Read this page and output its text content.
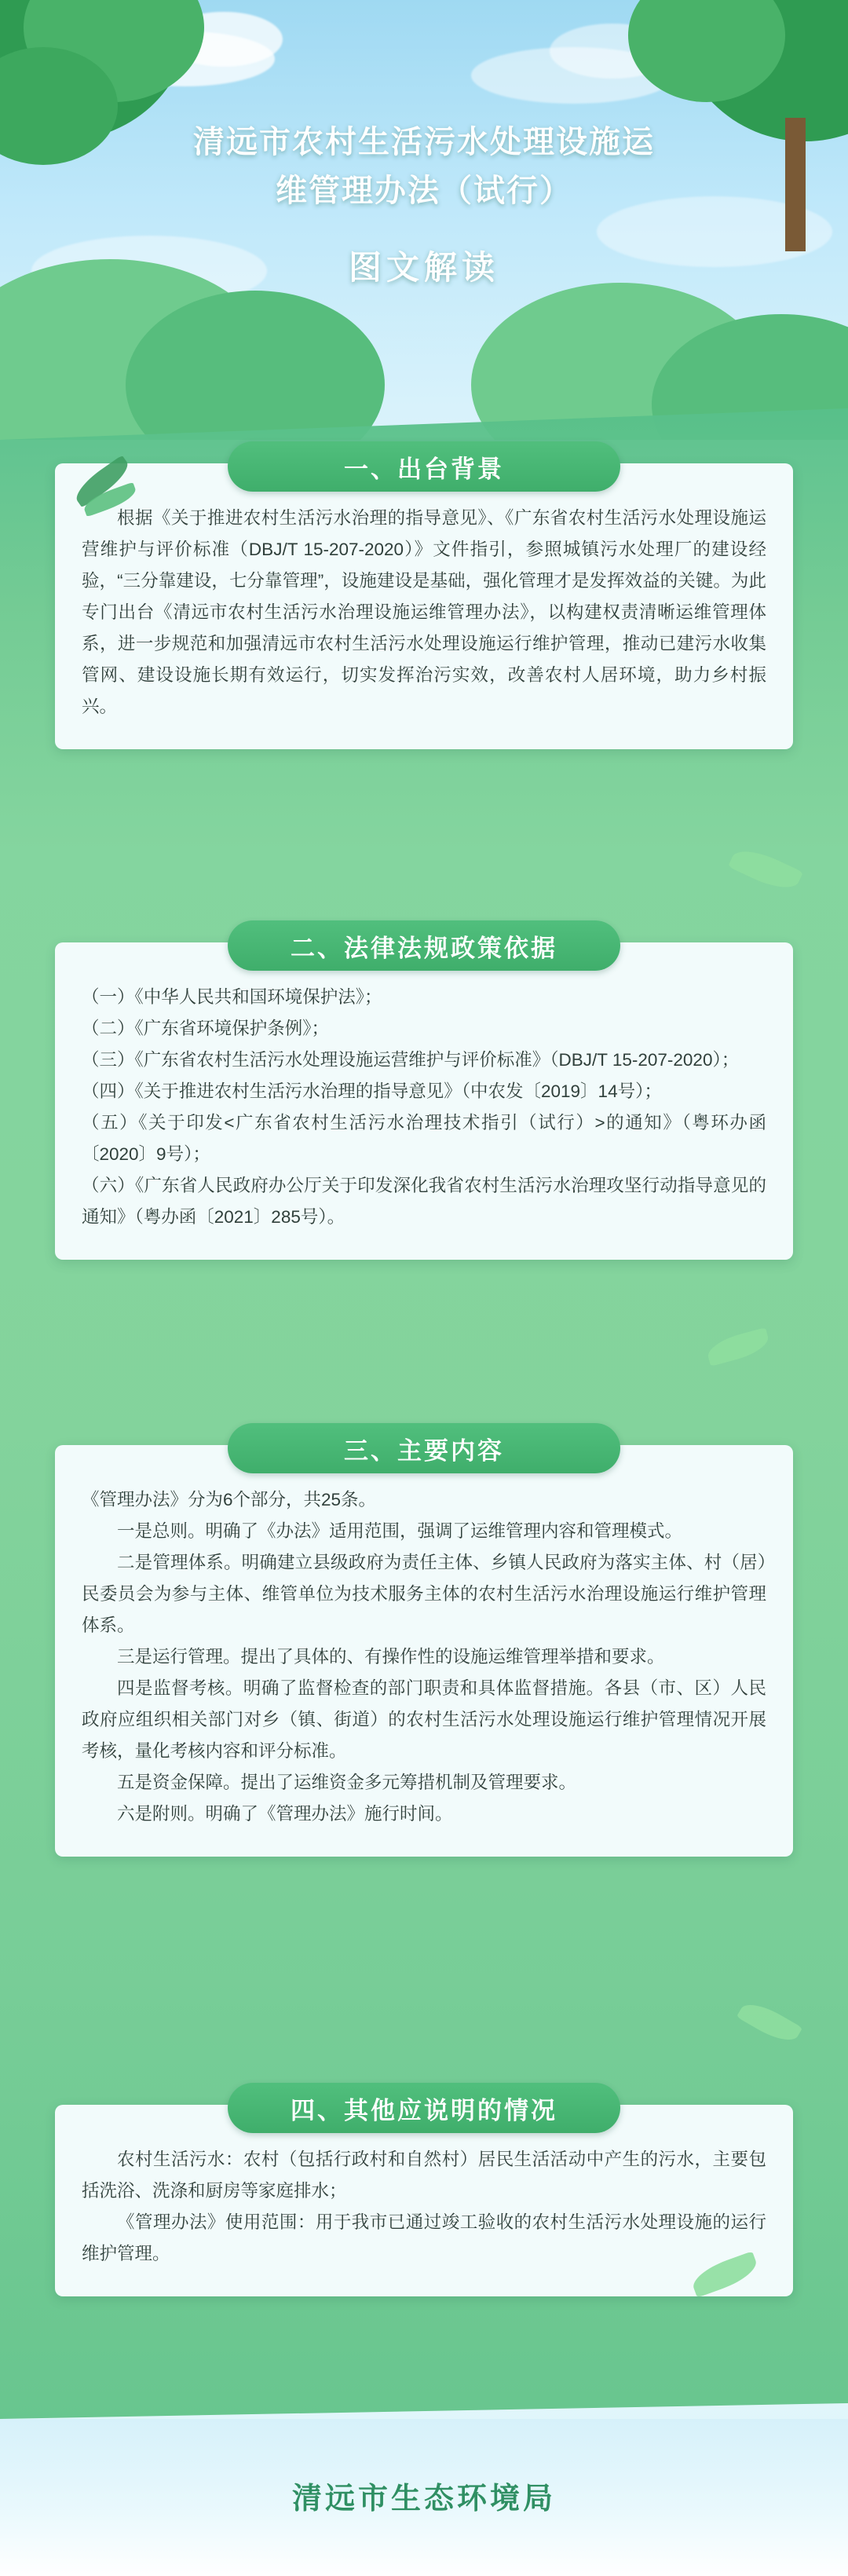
清远市农村生活污水处理设施运
维管理办法（试行）
图文解读
一、出台背景

根据《关于推进农村生活污水治理的指导意见》、《广东省农村生活污水处理设施运营维护与评价标准（DBJ/T 15-207-2020）》文件指引，参照城镇污水处理厂的建设经验，“三分靠建设，七分靠管理”，设施建设是基础，强化管理才是发挥效益的关键。为此专门出台《清远市农村生活污水治理设施运维管理办法》，以构建权责清晰运维管理体系，进一步规范和加强清远市农村生活污水处理设施运行维护管理，推动已建污水收集管网、建设设施长期有效运行，切实发挥治污实效，改善农村人居环境，助力乡村振兴。

二、法律法规政策依据

（一）《中华人民共和国环境保护法》；

（二）《广东省环境保护条例》；

（三）《广东省农村生活污水处理设施运营维护与评价标准》（DBJ/T 15-207-2020）；

（四）《关于推进农村生活污水治理的指导意见》（中农发〔2019〕14号）；

（五）《关于印发<广东省农村生活污水治理技术指引（试行）>的通知》（粤环办函〔2020〕9号）；

（六）《广东省人民政府办公厅关于印发深化我省农村生活污水治理攻坚行动指导意见的通知》（粤办函〔2021〕285号）。

三、主要内容

《管理办法》分为6个部分，共25条。

一是总则。明确了《办法》适用范围，强调了运维管理内容和管理模式。

二是管理体系。明确建立县级政府为责任主体、乡镇人民政府为落实主体、村（居）民委员会为参与主体、维管单位为技术服务主体的农村生活污水治理设施运行维护管理体系。

三是运行管理。提出了具体的、有操作性的设施运维管理举措和要求。

四是监督考核。明确了监督检查的部门职责和具体监督措施。各县（市、区）人民政府应组织相关部门对乡（镇、街道）的农村生活污水处理设施运行维护管理情况开展考核，量化考核内容和评分标准。

五是资金保障。提出了运维资金多元筹措机制及管理要求。

六是附则。明确了《管理办法》施行时间。

四、其他应说明的情况

农村生活污水：农村（包括行政村和自然村）居民生活活动中产生的污水，主要包括洗浴、洗涤和厨房等家庭排水；

《管理办法》使用范围：用于我市已通过竣工验收的农村生活污水处理设施的运行维护管理。

清远市生态环境局
